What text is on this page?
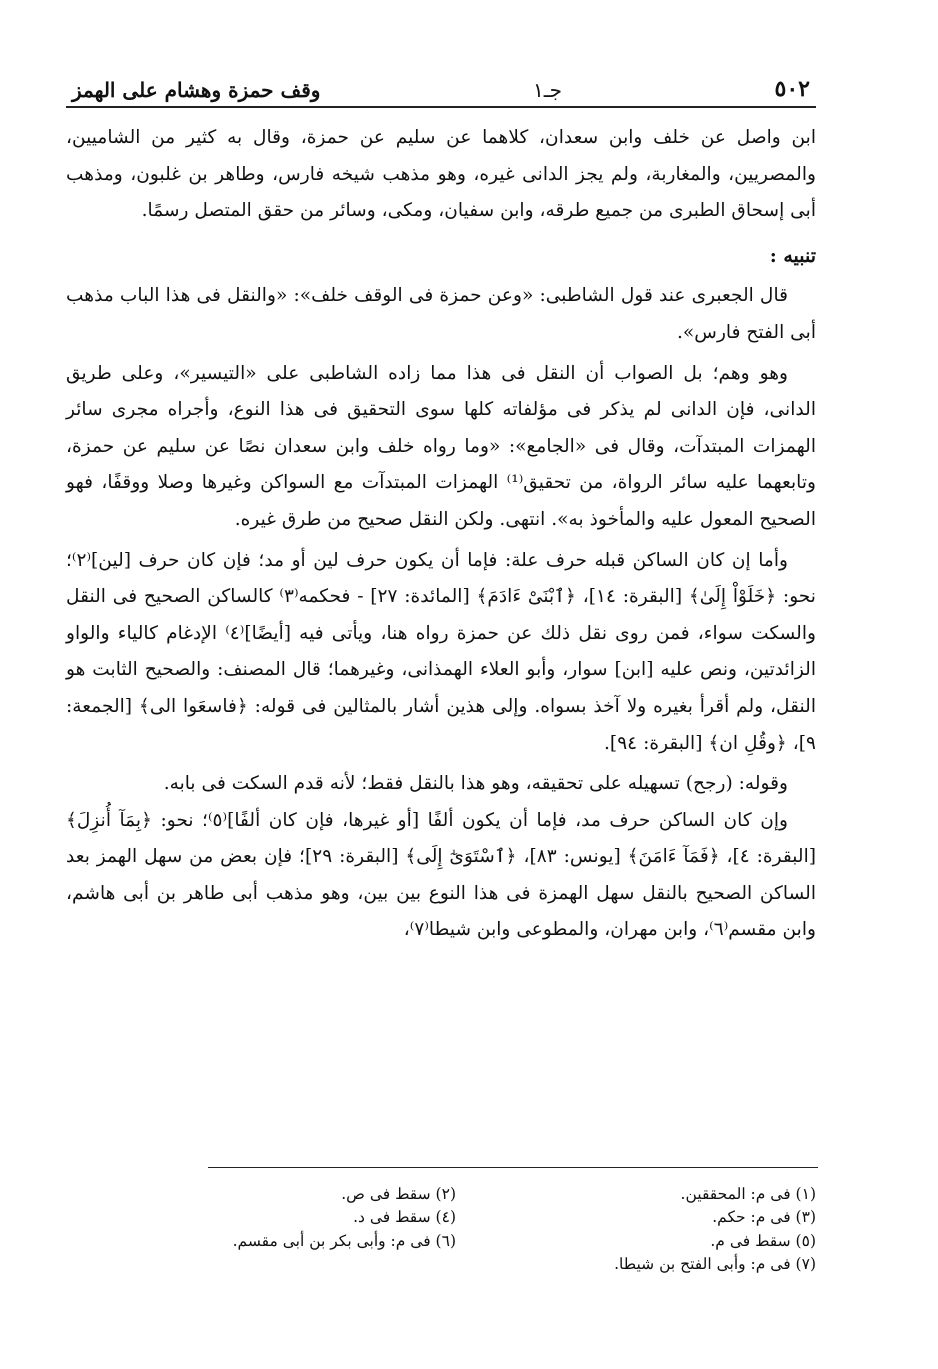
٥٠٢
جـ١
وقف حمزة وهشام على الهمز

ابن واصل عن خلف وابن سعدان، كلاهما عن سليم عن حمزة، وقال به كثير من الشاميين، والمصريين، والمغاربة، ولم يجز الدانى غيره، وهو مذهب شيخه فارس، وطاهر بن غلبون، ومذهب أبى إسحاق الطبرى من جميع طرقه، وابن سفيان، ومكى، وسائر من حقق المتصل رسمًا.

تنبيه :

قال الجعبرى عند قول الشاطبى: «وعن حمزة فى الوقف خلف»: «والنقل فى هذا الباب مذهب أبى الفتح فارس».

وهو وهم؛ بل الصواب أن النقل فى هذا مما زاده الشاطبى على «التيسير»، وعلى طريق الدانى، فإن الدانى لم يذكر فى مؤلفاته كلها سوى التحقيق فى هذا النوع، وأجراه مجرى سائر الهمزات المبتدآت، وقال فى «الجامع»: «وما رواه خلف وابن سعدان نصًا عن سليم عن حمزة، وتابعهما عليه سائر الرواة، من تحقيق⁽¹⁾ الهمزات المبتدآت مع السواكن وغيرها وصلا ووقفًا، فهو الصحيح المعول عليه والمأخوذ به». انتهى. ولكن النقل صحيح من طرق غيره.

وأما إن كان الساكن قبله حرف علة: فإما أن يكون حرف لين أو مد؛ فإن كان حرف [لين]⁽٢⁾؛ نحو: ﴿خَلَوْاْ إِلَىٰ﴾ [البقرة: ١٤]، ﴿ٱبْنَىْ ءَادَمَ﴾ [المائدة: ٢٧] - فحكمه⁽٣⁾ كالساكن الصحيح فى النقل والسكت سواء، فمن روى نقل ذلك عن حمزة رواه هنا، ويأتى فيه [أيضًا]⁽٤⁾ الإدغام كالياء والواو الزائدتين، ونص عليه [ابن] سوار، وأبو العلاء الهمذانى، وغيرهما؛ قال المصنف: والصحيح الثابت هو النقل، ولم أقرأ بغيره ولا آخذ بسواه. وإلى هذين أشار بالمثالين فى قوله: ﴿فاسعَوا الى﴾ [الجمعة: ٩]، ﴿وقُلِ ان﴾ [البقرة: ٩٤].

وقوله: (رجح) تسهيله على تحقيقه، وهو هذا بالنقل فقط؛ لأنه قدم السكت فى بابه.

وإن كان الساكن حرف مد، فإما أن يكون ألفًا [أو غيرها، فإن كان ألفًا]⁽٥⁾؛ نحو: ﴿بِمَآ أُنزِلَ﴾ [البقرة: ٤]، ﴿فَمَآ ءَامَنَ﴾ [يونس: ٨٣]، ﴿ٱسْتَوَىٰٓ إِلَى﴾ [البقرة: ٢٩]؛ فإن بعض من سهل الهمز بعد الساكن الصحيح بالنقل سهل الهمزة فى هذا النوع بين بين، وهو مذهب أبى طاهر بن أبى هاشم، وابن مقسم⁽٦⁾، وابن مهران، والمطوعى وابن شيطا⁽٧⁾،

(١) فى م: المحققين.
(٢) سقط فى ص.
(٣) فى م: حكم.
(٤) سقط فى د.
(٥) سقط فى م.
(٦) فى م: وأبى بكر بن أبى مقسم.
(٧) فى م: وأبى الفتح بن شيطا.
